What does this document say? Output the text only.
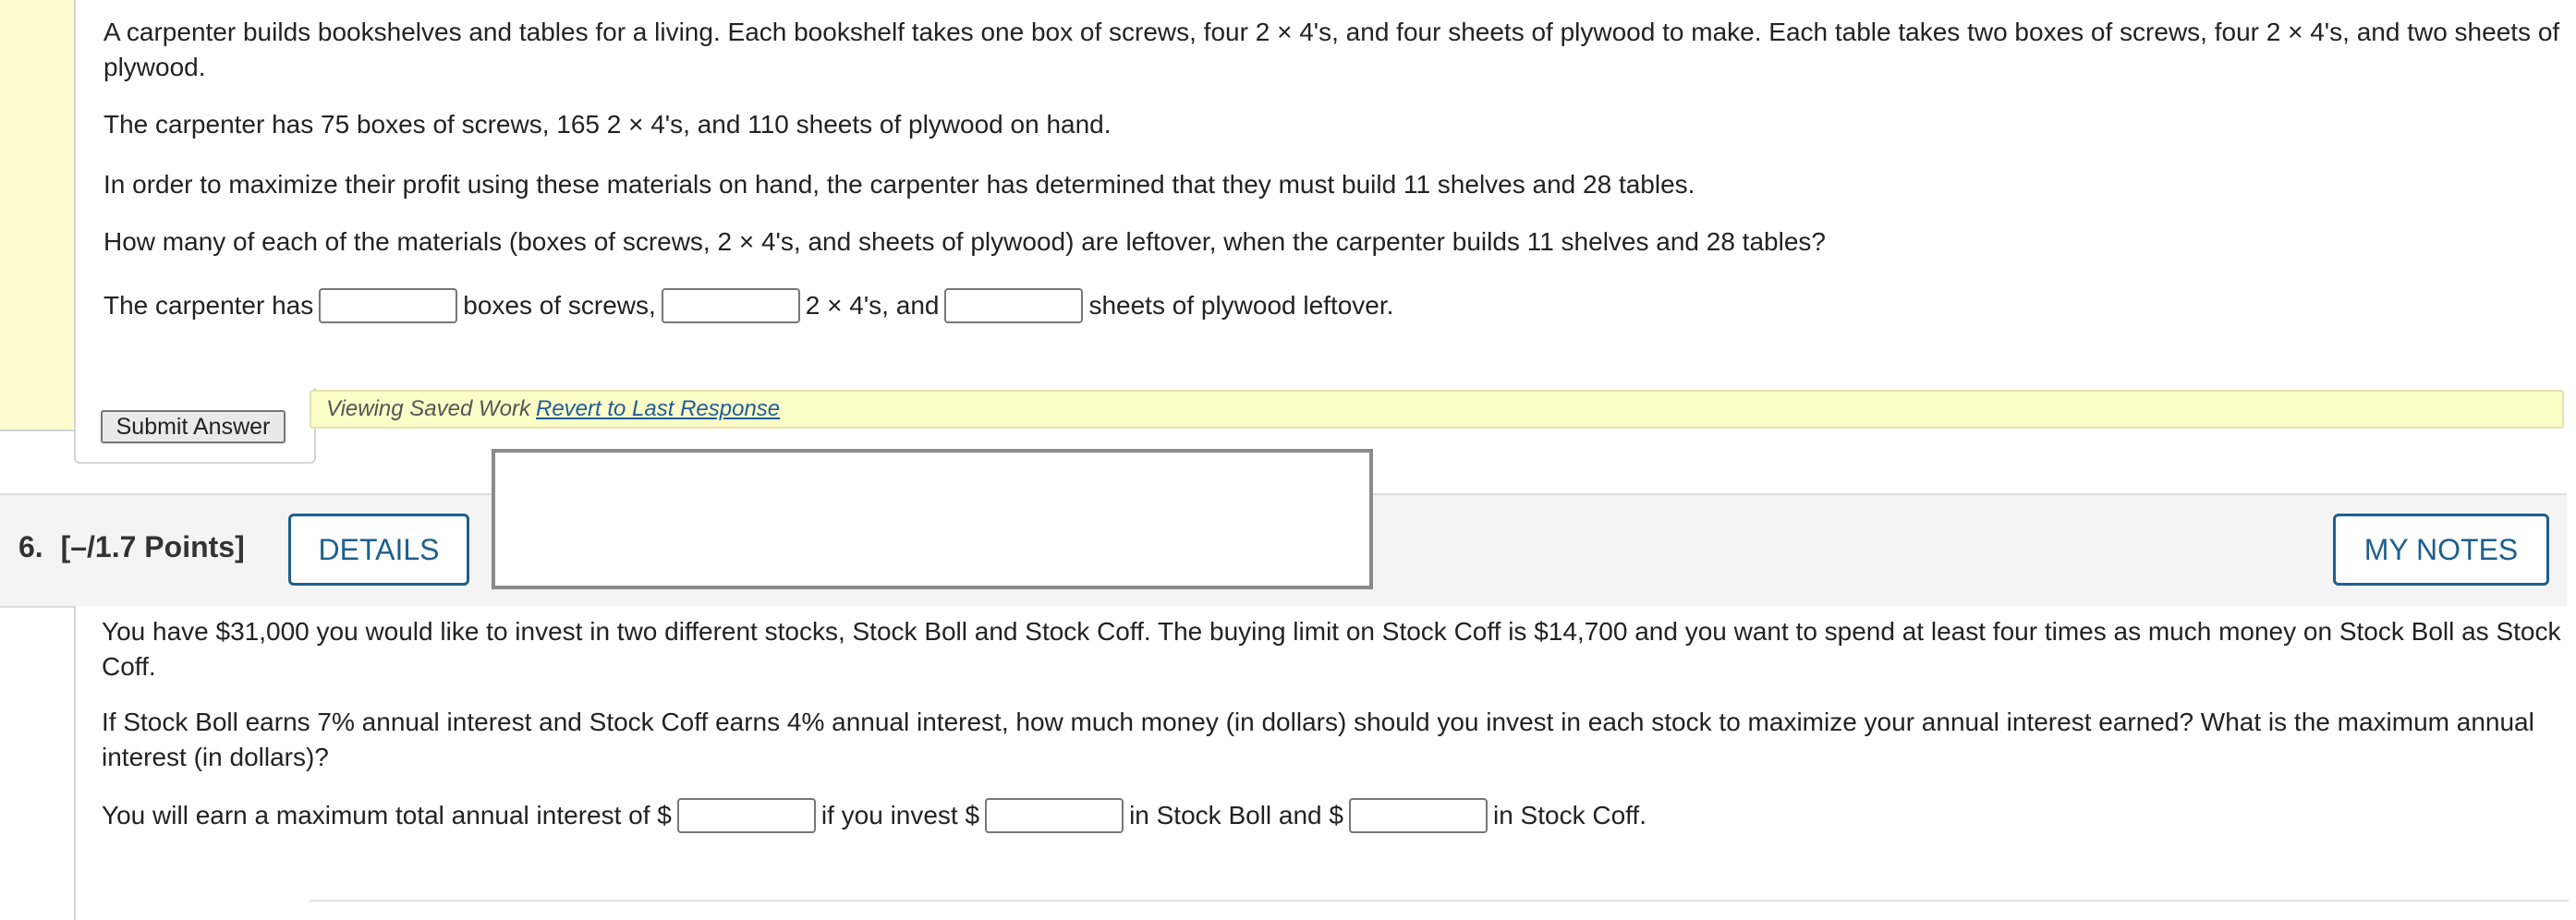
A carpenter builds bookshelves and tables for a living. Each bookshelf takes one box of screws, four 2 × 4's, and four sheets of plywood to make. Each table takes two boxes of screws, four 2 × 4's, and two sheets of plywood.

The carpenter has 75 boxes of screws, 165 2 × 4's, and 110 sheets of plywood on hand.

In order to maximize their profit using these materials on hand, the carpenter has determined that they must build 11 shelves and 28 tables.

How many of each of the materials (boxes of screws, 2 × 4's, and sheets of plywood) are leftover, when the carpenter builds 11 shelves and 28 tables?

The carpenter has	boxes of screws,	2 × 4's, and	sheets of plywood leftover.

Submit Answer
Viewing Saved Work Revert to Last Response
6. [–/1.7 Points]	DETAILS	MY NOTES

You have $31,000 you would like to invest in two different stocks, Stock Boll and Stock Coff. The buying limit on Stock Coff is $14,700 and you want to spend at least four times as much money on Stock Boll as Stock Coff.

If Stock Boll earns 7% annual interest and Stock Coff earns 4% annual interest, how much money (in dollars) should you invest in each stock to maximize your annual interest earned? What is the maximum annual interest (in dollars)?

You will earn a maximum total annual interest of $	if you invest $	in Stock Boll and $	in Stock Coff.
